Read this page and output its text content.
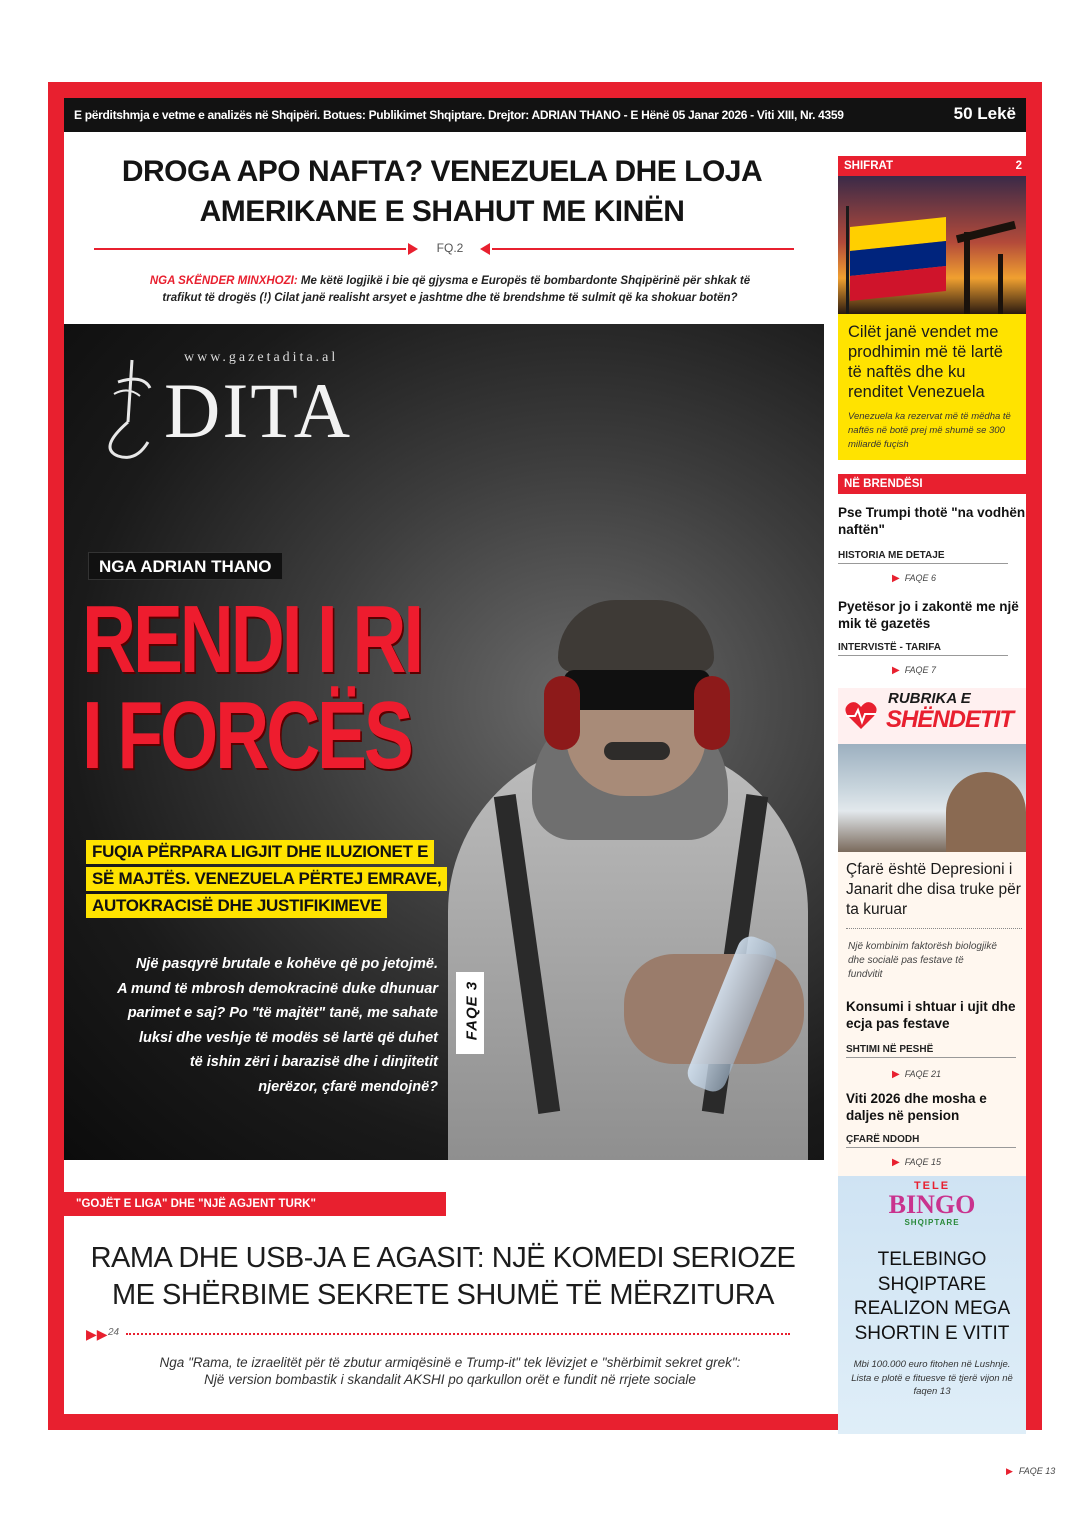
E përditshmja e vetme e analizës në Shqipëri. Botues: Publikimet Shqiptare. Drejtor: ADRIAN THANO - E Hënë 05 Janar 2026 - Viti XIII, Nr. 4359	50 Lekë
DROGA APO NAFTA? VENEZUELA DHE LOJA
AMERIKANE E SHAHUT ME KINËN
FQ.2
NGA SKËNDER MINXHOZI: Me këtë logjikë i bie që gjysma e Europës të bombardonte Shqipërinë për shkak të
trafikut të drogës (!) Cilat janë realisht arsyet e jashtme dhe të brendshme të sulmit që ka shokuar botën?
www.gazetadita.al
DITA
NGA ADRIAN THANO
RENDI I RI
I FORCËS
FUQIA PËRPARA LIGJIT DHE ILUZIONET E
SË MAJTËS. VENEZUELA PËRTEJ EMRAVE,
AUTOKRACISË DHE JUSTIFIKIMEVE
Një pasqyrë brutale e kohëve që po jetojmë.
A mund të mbrosh demokracinë duke dhunuar
parimet e saj? Po "të majtët" tanë, me sahate
luksi dhe veshje të modës së lartë që duhet
të ishin zëri i barazisë dhe i dinjitetit
njerëzor, çfarë mendojnë?
FAQE 3
"GOJËT E LIGA" DHE "NJË AGJENT TURK"
RAMA DHE USB-JA E AGASIT: NJË KOMEDI SERIOZE
ME SHËRBIME SEKRETE SHUMË TË MËRZITURA
▶▶ 24
Nga "Rama, te izraelitët për të zbutur armiqësinë e Trump-it" tek lëvizjet e "shërbimit sekret grek":
Një version bombastik i skandalit AKSHI po qarkullon orët e fundit në rrjete sociale
SHIFRAT	2
Cilët janë vendet me prodhimin më të lartë të naftës dhe ku renditet Venezuela
Venezuela ka rezervat më të mëdha të naftës në botë prej më shumë se 300 miliardë fuçish
NË BRENDËSI
Pse Trumpi thotë "na vodhën naftën"
HISTORIA ME DETAJE
▶ FAQE 6
Pyetësor jo i zakontë me një mik të gazetës
INTERVISTË - TARIFA
▶ FAQE 7
RUBRIKA E
SHËNDETIT
Çfarë është Depresioni i Janarit dhe disa truke për ta kuruar
Një kombinim faktorësh biologjikë dhe socialë pas festave të fundvitit
Konsumi i shtuar i ujit dhe ecja pas festave
SHTIMI NË PESHË
▶ FAQE 21
Viti 2026 dhe mosha e daljes në pension
ÇFARË NDODH
▶ FAQE 15
TELE
BINGO
SHQIPTARE
TELEBINGO SHQIPTARE REALIZON MEGA SHORTIN E VITIT
Mbi 100.000 euro fitohen në Lushnje. Lista e plotë e fituesve të tjerë vijon në faqen 13
▶ FAQE 13
